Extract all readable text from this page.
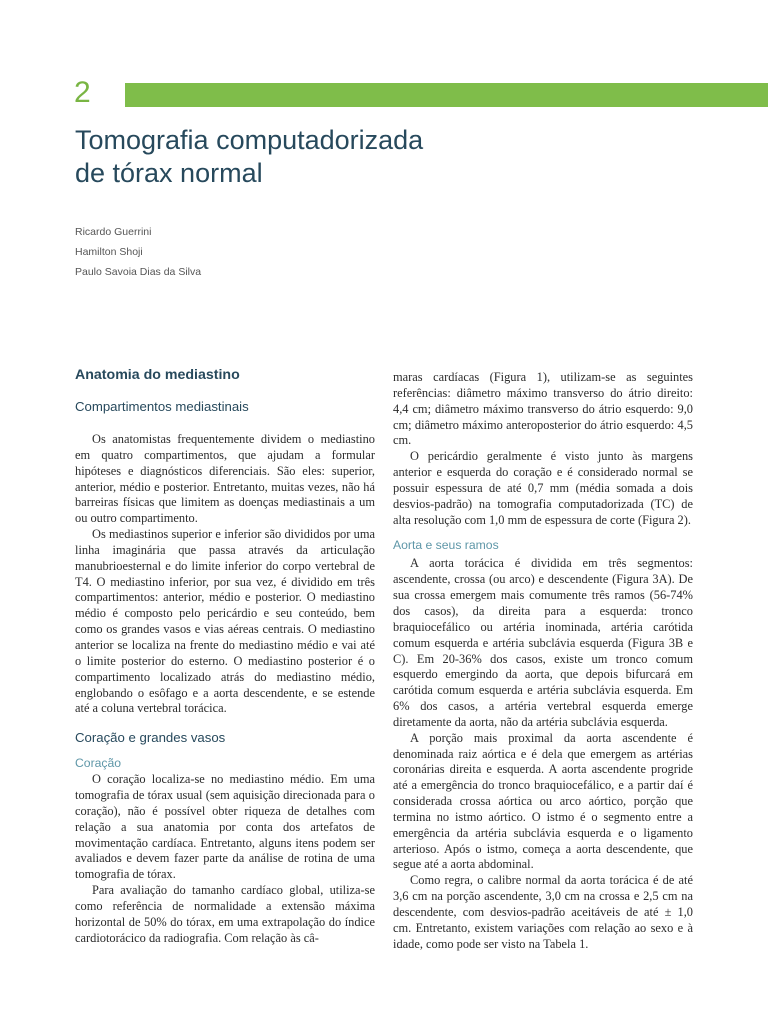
2
Tomografia computadorizada
de tórax normal
Ricardo Guerrini
Hamilton Shoji
Paulo Savoia Dias da Silva
Anatomia do mediastino
Compartimentos mediastinais

Os anatomistas frequentemente dividem o mediastino em quatro compartimentos, que ajudam a formular hipóteses e diagnósticos diferenciais. São eles: superior, anterior, médio e posterior. Entretanto, muitas vezes, não há barreiras físicas que limitem as doenças mediastinais a um ou outro compartimento.

Os mediastinos superior e inferior são divididos por uma linha imaginária que passa através da articulação manubrioesternal e do limite inferior do corpo vertebral de T4. O mediastino inferior, por sua vez, é dividido em três compartimentos: anterior, médio e posterior. O mediastino médio é composto pelo pericárdio e seu conteúdo, bem como os grandes vasos e vias aéreas centrais. O mediastino anterior se localiza na frente do mediastino médio e vai até o limite posterior do esterno. O mediastino posterior é o compartimento localizado atrás do mediastino médio, englobando o esôfago e a aorta descendente, e se estende até a coluna vertebral torácica.

Coração e grandes vasos
Coração

O coração localiza-se no mediastino médio. Em uma tomografia de tórax usual (sem aquisição direcionada para o coração), não é possível obter riqueza de detalhes com relação a sua anatomia por conta dos artefatos de movimentação cardíaca. Entretanto, alguns itens podem ser avaliados e devem fazer parte da análise de rotina de uma tomografia de tórax.

Para avaliação do tamanho cardíaco global, utiliza-se como referência de normalidade a extensão máxima horizontal de 50% do tórax, em uma extrapolação do índice cardiotorácico da radiografia. Com relação às câ-

maras cardíacas (Figura 1), utilizam-se as seguintes referências: diâmetro máximo transverso do átrio direito: 4,4 cm; diâmetro máximo transverso do átrio esquerdo: 9,0 cm; diâmetro máximo anteroposterior do átrio esquerdo: 4,5 cm.

O pericárdio geralmente é visto junto às margens anterior e esquerda do coração e é considerado normal se possuir espessura de até 0,7 mm (média somada a dois desvios-padrão) na tomografia computadorizada (TC) de alta resolução com 1,0 mm de espessura de corte (Figura 2).

Aorta e seus ramos

A aorta torácica é dividida em três segmentos: ascendente, crossa (ou arco) e descendente (Figura 3A). De sua crossa emergem mais comumente três ramos (56-74% dos casos), da direita para a esquerda: tronco braquiocefálico ou artéria inominada, artéria carótida comum esquerda e artéria subclávia esquerda (Figura 3B e C). Em 20-36% dos casos, existe um tronco comum esquerdo emergindo da aorta, que depois bifurcará em carótida comum esquerda e artéria subclávia esquerda. Em 6% dos casos, a artéria vertebral esquerda emerge diretamente da aorta, não da artéria subclávia esquerda.

A porção mais proximal da aorta ascendente é denominada raiz aórtica e é dela que emergem as artérias coronárias direita e esquerda. A aorta ascendente progride até a emergência do tronco braquiocefálico, e a partir daí é considerada crossa aórtica ou arco aórtico, porção que termina no istmo aórtico. O istmo é o segmento entre a emergência da artéria subclávia esquerda e o ligamento arterioso. Após o istmo, começa a aorta descendente, que segue até a aorta abdominal.

Como regra, o calibre normal da aorta torácica é de até 3,6 cm na porção ascendente, 3,0 cm na crossa e 2,5 cm na descendente, com desvios-padrão aceitáveis de até ± 1,0 cm. Entretanto, existem variações com relação ao sexo e à idade, como pode ser visto na Tabela 1.
